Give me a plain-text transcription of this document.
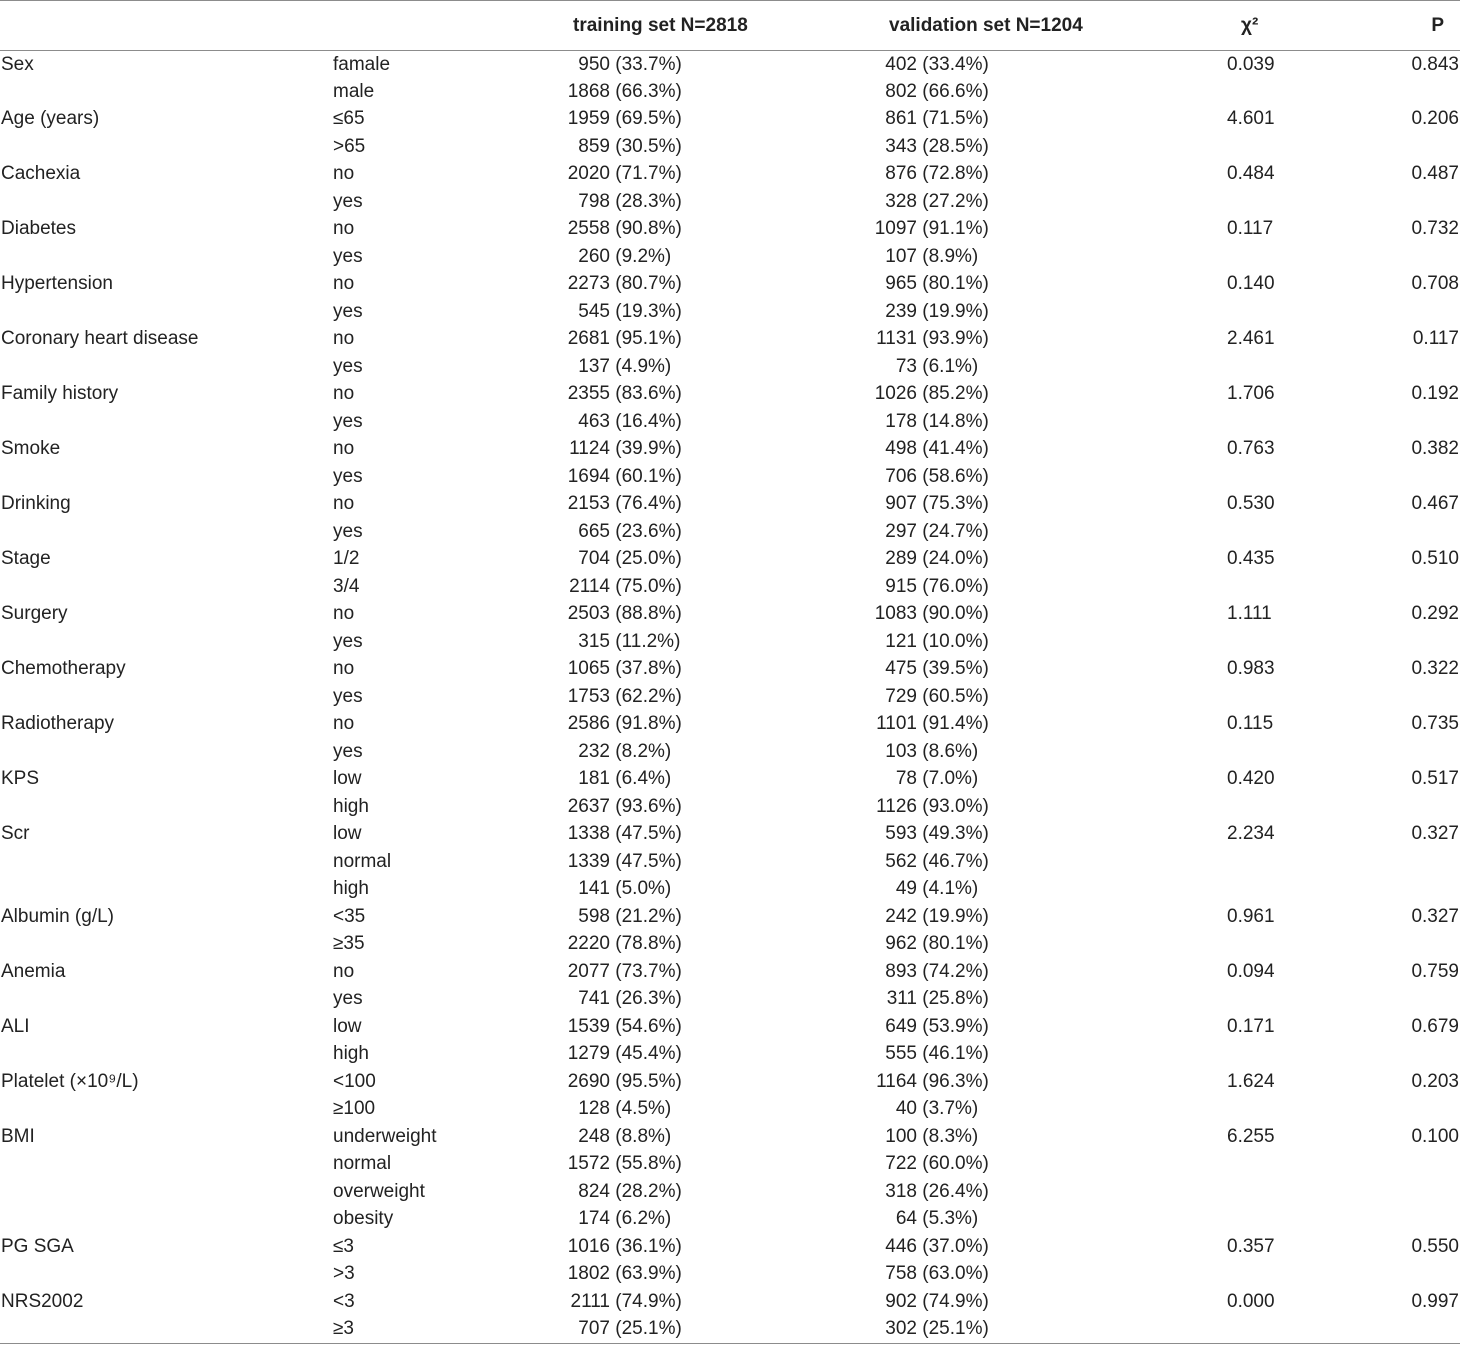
		training set N=2818	validation set N=1204	χ²	P
Sex	famale	950 (33.7%)	402 (33.4%)	0.039	0.843
	male	1868 (66.3%)	802 (66.6%)		
Age (years)	≤65	1959 (69.5%)	861 (71.5%)	4.601	0.206
	>65	859 (30.5%)	343 (28.5%)		
Cachexia	no	2020 (71.7%)	876 (72.8%)	0.484	0.487
	yes	798 (28.3%)	328 (27.2%)		
Diabetes	no	2558 (90.8%)	1097 (91.1%)	0.117	0.732
	yes	260 (9.2%)	107 (8.9%)		
Hypertension	no	2273 (80.7%)	965 (80.1%)	0.140	0.708
	yes	545 (19.3%)	239 (19.9%)		
Coronary heart disease	no	2681 (95.1%)	1131 (93.9%)	2.461	0.117
	yes	137 (4.9%)	73 (6.1%)		
Family history	no	2355 (83.6%)	1026 (85.2%)	1.706	0.192
	yes	463 (16.4%)	178 (14.8%)		
Smoke	no	1124 (39.9%)	498 (41.4%)	0.763	0.382
	yes	1694 (60.1%)	706 (58.6%)		
Drinking	no	2153 (76.4%)	907 (75.3%)	0.530	0.467
	yes	665 (23.6%)	297 (24.7%)		
Stage	1/2	704 (25.0%)	289 (24.0%)	0.435	0.510
	3/4	2114 (75.0%)	915 (76.0%)		
Surgery	no	2503 (88.8%)	1083 (90.0%)	1.111	0.292
	yes	315 (11.2%)	121 (10.0%)		
Chemotherapy	no	1065 (37.8%)	475 (39.5%)	0.983	0.322
	yes	1753 (62.2%)	729 (60.5%)		
Radiotherapy	no	2586 (91.8%)	1101 (91.4%)	0.115	0.735
	yes	232 (8.2%)	103 (8.6%)		
KPS	low	181 (6.4%)	78 (7.0%)	0.420	0.517
	high	2637 (93.6%)	1126 (93.0%)		
Scr	low	1338 (47.5%)	593 (49.3%)	2.234	0.327
	normal	1339 (47.5%)	562 (46.7%)		
	high	141 (5.0%)	49 (4.1%)		
Albumin (g/L)	<35	598 (21.2%)	242 (19.9%)	0.961	0.327
	≥35	2220 (78.8%)	962 (80.1%)		
Anemia	no	2077 (73.7%)	893 (74.2%)	0.094	0.759
	yes	741 (26.3%)	311 (25.8%)		
ALI	low	1539 (54.6%)	649 (53.9%)	0.171	0.679
	high	1279 (45.4%)	555 (46.1%)		
Platelet (×10⁹/L)	<100	2690 (95.5%)	1164 (96.3%)	1.624	0.203
	≥100	128 (4.5%)	40 (3.7%)		
BMI	underweight	248 (8.8%)	100 (8.3%)	6.255	0.100
	normal	1572 (55.8%)	722 (60.0%)		
	overweight	824 (28.2%)	318 (26.4%)		
	obesity	174 (6.2%)	64 (5.3%)		
PG SGA	≤3	1016 (36.1%)	446 (37.0%)	0.357	0.550
	>3	1802 (63.9%)	758 (63.0%)		
NRS2002	<3	2111 (74.9%)	902 (74.9%)	0.000	0.997
	≥3	707 (25.1%)	302 (25.1%)		
